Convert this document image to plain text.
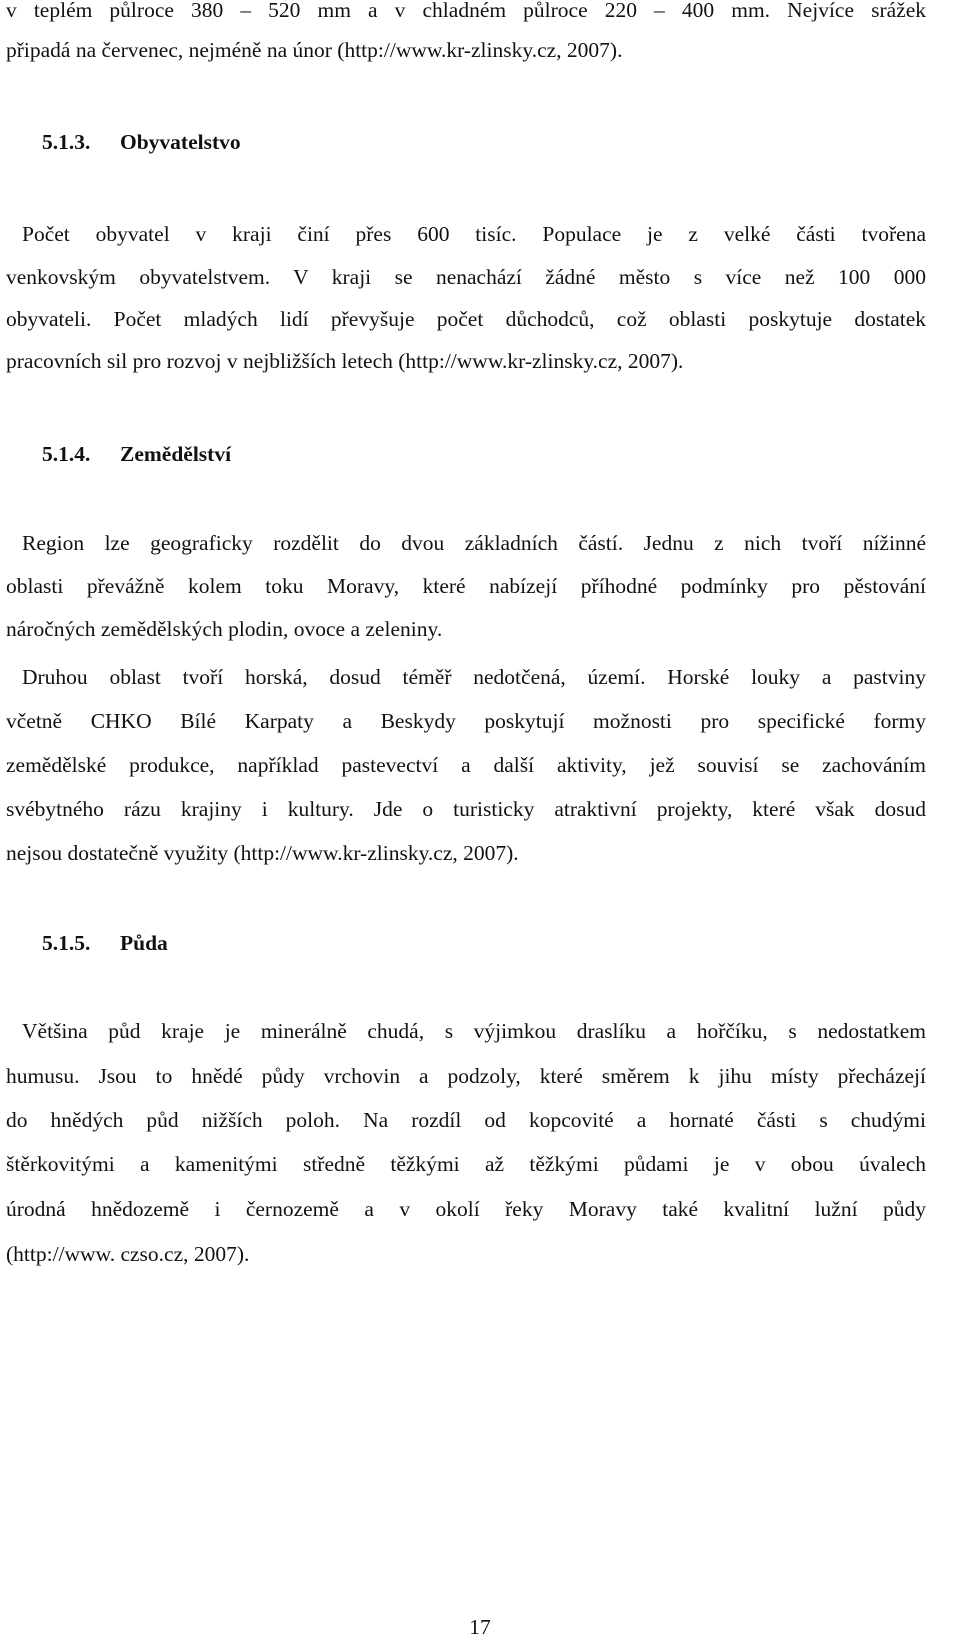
v teplém půlroce 380 – 520 mm a v chladném půlroce 220 – 400 mm. Nejvíce srážek
připadá na červenec, nejméně na únor (http://www.kr-zlinsky.cz, 2007).
5.1.3. Obyvatelstvo
Počet obyvatel v kraji činí přes 600 tisíc. Populace je z velké části tvořena
venkovským obyvatelstvem. V kraji se nenachází žádné město s více než 100 000
obyvateli. Počet mladých lidí převyšuje počet důchodců, což oblasti poskytuje dostatek
pracovních sil pro rozvoj v nejbližších letech (http://www.kr-zlinsky.cz, 2007).
5.1.4. Zemědělství
Region lze geograficky rozdělit do dvou základních částí. Jednu z nich tvoří nížinné
oblasti převážně kolem toku Moravy, které nabízejí příhodné podmínky pro pěstování
náročných zemědělských plodin, ovoce a zeleniny.
Druhou oblast tvoří horská, dosud téměř nedotčená, území. Horské louky a pastviny
včetně CHKO Bílé Karpaty a Beskydy poskytují možnosti pro specifické formy
zemědělské produkce, například pastevectví a další aktivity, jež souvisí se zachováním
svébytného rázu krajiny i kultury. Jde o turisticky atraktivní projekty, které však dosud
nejsou dostatečně využity (http://www.kr-zlinsky.cz, 2007).
5.1.5. Půda
Většina půd kraje je minerálně chudá, s výjimkou draslíku a hořčíku, s nedostatkem
humusu. Jsou to hnědé půdy vrchovin a podzoly, které směrem k jihu místy přecházejí
do hnědých půd nižších poloh. Na rozdíl od kopcovité a hornaté části s chudými
štěrkovitými a kamenitými středně těžkými až těžkými půdami je v obou úvalech
úrodná hnědozemě i černozemě a v okolí řeky Moravy také kvalitní lužní půdy
(http://www. czso.cz, 2007).
17
